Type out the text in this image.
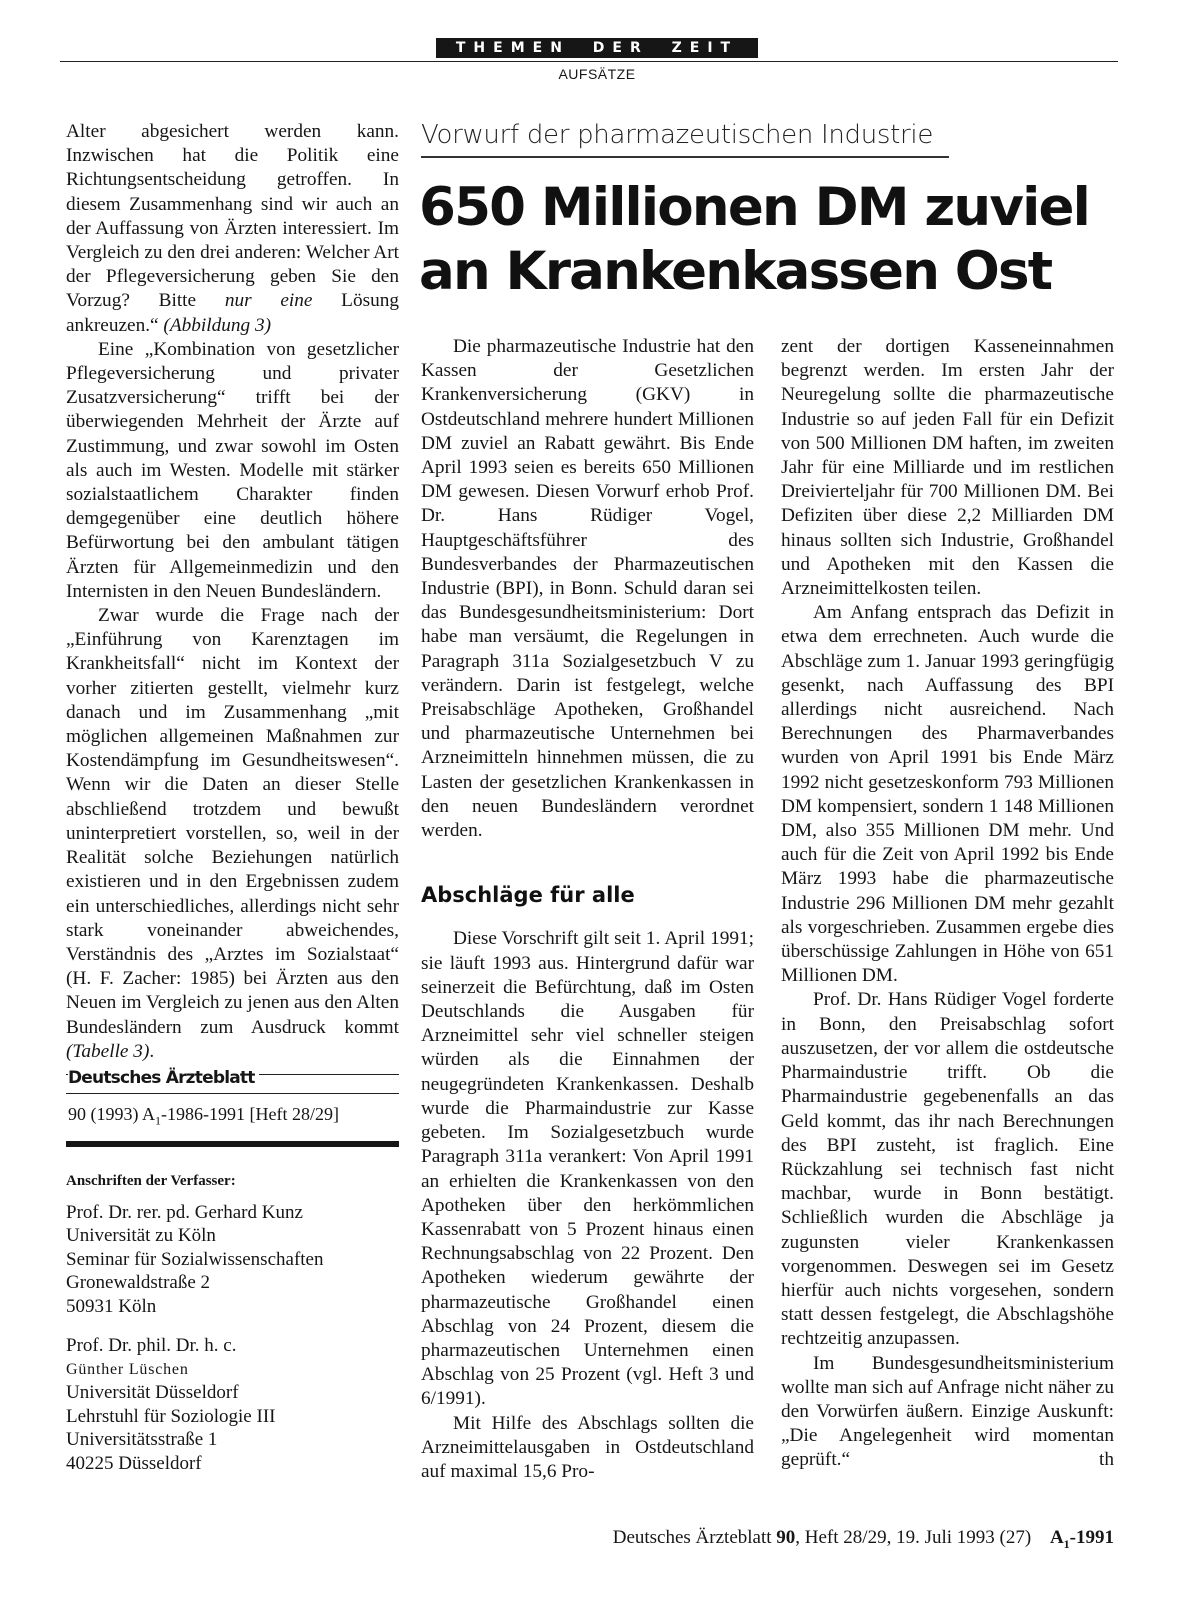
THEMEN DER ZEIT
AUFSÄTZE

Alter abgesichert werden kann. Inzwischen hat die Politik eine Richtungsentscheidung getroffen. In diesem Zusammenhang sind wir auch an der Auffassung von Ärzten interessiert. Im Vergleich zu den drei anderen: Welcher Art der Pflegeversicherung geben Sie den Vorzug? Bitte nur eine Lösung ankreuzen.“ (Abbildung 3)

Eine „Kombination von gesetzlicher Pflegeversicherung und privater Zusatzversicherung“ trifft bei der überwiegenden Mehrheit der Ärzte auf Zustimmung, und zwar sowohl im Osten als auch im Westen. Modelle mit stärker sozialstaatlichem Charakter finden demgegenüber eine deutlich höhere Befürwortung bei den ambulant tätigen Ärzten für Allgemeinmedizin und den Internisten in den Neuen Bundesländern.

Zwar wurde die Frage nach der „Einführung von Karenztagen im Krankheitsfall“ nicht im Kontext der vorher zitierten gestellt, vielmehr kurz danach und im Zusammenhang „mit möglichen allgemeinen Maßnahmen zur Kostendämpfung im Gesundheitswesen“. Wenn wir die Daten an dieser Stelle abschließend trotzdem und bewußt uninterpretiert vorstellen, so, weil in der Realität solche Beziehungen natürlich existieren und in den Ergebnissen zudem ein unterschiedliches, allerdings nicht sehr stark voneinander abweichendes, Verständnis des „Arztes im Sozialstaat“ (H. F. Zacher: 1985) bei Ärzten aus den Neuen im Vergleich zu jenen aus den Alten Bundesländern zum Ausdruck kommt (Tabelle 3).

Deutsches Ärzteblatt
90 (1993) $A_1-1986-1991$ [Heft 28/29]
Anschriften der Verfasser:

Prof. Dr. rer. pd. Gerhard Kunz

Universität zu Köln

Seminar für Sozialwissenschaften

Gronewaldstraße 2

50931 Köln

Prof. Dr. phil. Dr. h. c.

Günther Lüschen

Universität Düsseldorf

Lehrstuhl für Soziologie III

Universitätsstraße 1

40225 Düsseldorf

Vorwurf der pharmazeutischen Industrie
650 Millionen DM zuviel
an Krankenkassen Ost

Die pharmazeutische Industrie hat den Kassen der Gesetzlichen Krankenversicherung (GKV) in Ostdeutschland mehrere hundert Millionen DM zuviel an Rabatt gewährt. Bis Ende April 1993 seien es bereits 650 Millionen DM gewesen. Diesen Vorwurf erhob Prof. Dr. Hans Rüdiger Vogel, Hauptgeschäftsführer des Bundesverbandes der Pharmazeutischen Industrie (BPI), in Bonn. Schuld daran sei das Bundesgesundheitsministerium: Dort habe man versäumt, die Regelungen in Paragraph 311a Sozialgesetzbuch V zu verändern. Darin ist festgelegt, welche Preisabschläge Apotheken, Großhandel und pharmazeutische Unternehmen bei Arzneimitteln hinnehmen müssen, die zu Lasten der gesetzlichen Krankenkassen in den neuen Bundesländern verordnet werden.

Abschläge für alle

Diese Vorschrift gilt seit 1. April 1991; sie läuft 1993 aus. Hintergrund dafür war seinerzeit die Befürchtung, daß im Osten Deutschlands die Ausgaben für Arzneimittel sehr viel schneller steigen würden als die Einnahmen der neugegründeten Krankenkassen. Deshalb wurde die Pharmaindustrie zur Kasse gebeten. Im Sozialgesetzbuch wurde Paragraph 311a verankert: Von April 1991 an erhielten die Krankenkassen von den Apotheken über den herkömmlichen Kassenrabatt von 5 Prozent hinaus einen Rechnungsabschlag von 22 Prozent. Den Apotheken wiederum gewährte der pharmazeutische Großhandel einen Abschlag von 24 Prozent, diesem die pharmazeutischen Unternehmen einen Abschlag von 25 Prozent (vgl. Heft 3 und 6/1991).

Mit Hilfe des Abschlags sollten die Arzneimittelausgaben in Ostdeutschland auf maximal 15,6 Pro-

zent der dortigen Kasseneinnahmen begrenzt werden. Im ersten Jahr der Neuregelung sollte die pharmazeutische Industrie so auf jeden Fall für ein Defizit von 500 Millionen DM haften, im zweiten Jahr für eine Milliarde und im restlichen Dreivierteljahr für 700 Millionen DM. Bei Defiziten über diese 2,2 Milliarden DM hinaus sollten sich Industrie, Großhandel und Apotheken mit den Kassen die Arzneimittelkosten teilen.

Am Anfang entsprach das Defizit in etwa dem errechneten. Auch wurde die Abschläge zum 1. Januar 1993 geringfügig gesenkt, nach Auffassung des BPI allerdings nicht ausreichend. Nach Berechnungen des Pharmaverbandes wurden von April 1991 bis Ende März 1992 nicht gesetzeskonform 793 Millionen DM kompensiert, sondern 1 148 Millionen DM, also 355 Millionen DM mehr. Und auch für die Zeit von April 1992 bis Ende März 1993 habe die pharmazeutische Industrie 296 Millionen DM mehr gezahlt als vorgeschrieben. Zusammen ergebe dies überschüssige Zahlungen in Höhe von 651 Millionen DM.

Prof. Dr. Hans Rüdiger Vogel forderte in Bonn, den Preisabschlag sofort auszusetzen, der vor allem die ostdeutsche Pharmaindustrie trifft. Ob die Pharmaindustrie gegebenenfalls an das Geld kommt, das ihr nach Berechnungen des BPI zusteht, ist fraglich. Eine Rückzahlung sei technisch fast nicht machbar, wurde in Bonn bestätigt. Schließlich wurden die Abschläge ja zugunsten vieler Krankenkassen vorgenommen. Deswegen sei im Gesetz hierfür auch nichts vorgesehen, sondern statt dessen festgelegt, die Abschlagshöhe rechtzeitig anzupassen.

Im Bundesgesundheitsministerium wollte man sich auf Anfrage nicht näher zu den Vorwürfen äußern. Einzige Auskunft: „Die Angelegenheit wird momentan geprüft.“	th

Deutsches Ärzteblatt 90, Heft 28/29, 19. Juli 1993 (27) $A_1-1991$
